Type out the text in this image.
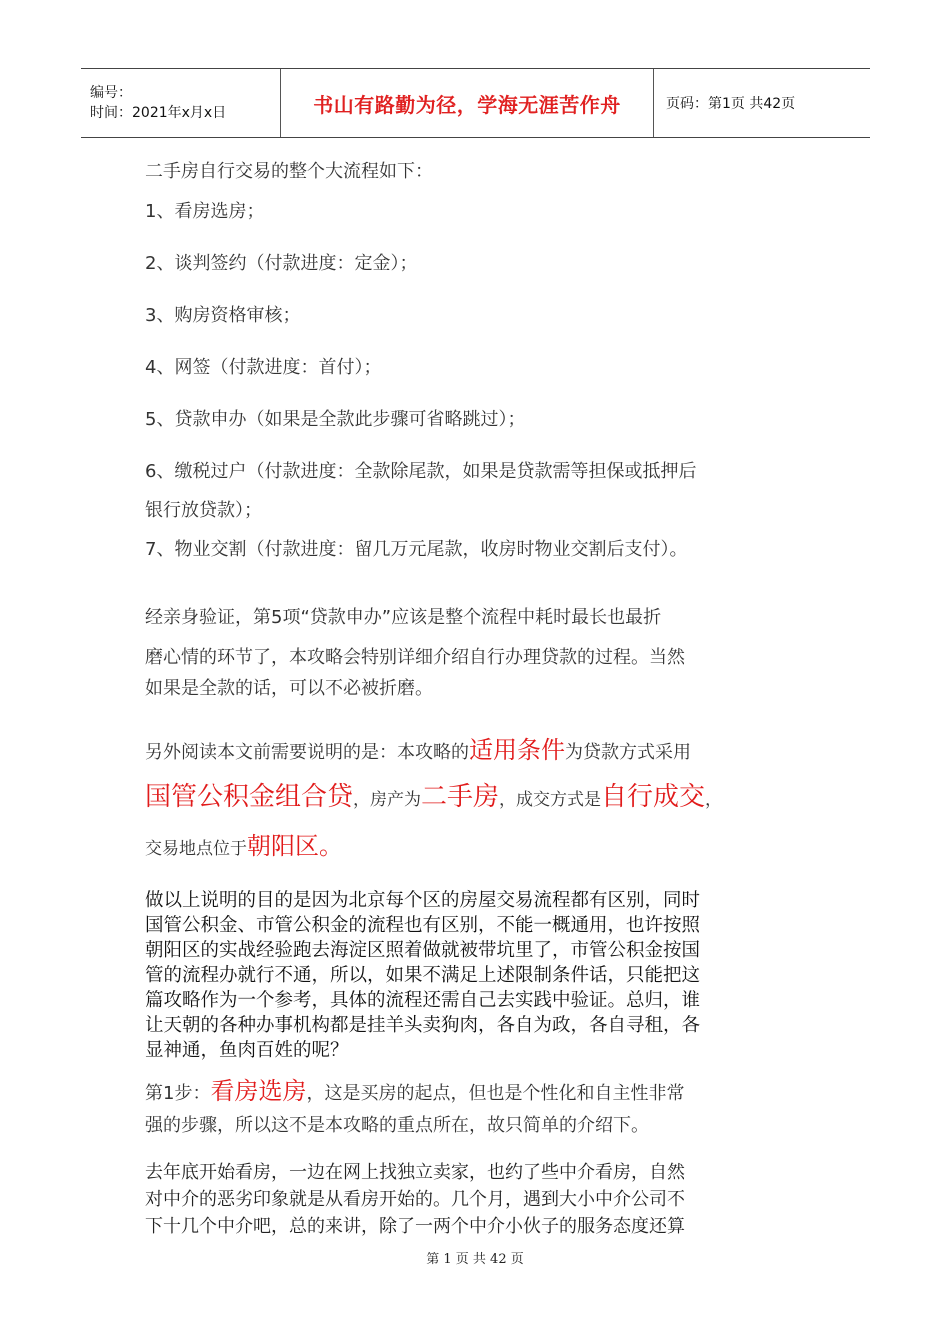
编号：
时间：2021年x月x日	书山有路勤为径，学海无涯苦作舟	页码：第1页 共42页
二手房自行交易的整个大流程如下：
1、看房选房；
2、谈判签约（付款进度：定金）；
3、购房资格审核；
4、网签（付款进度：首付）；
5、贷款申办（如果是全款此步骤可省略跳过）；
6、缴税过户（付款进度：全款除尾款，如果是贷款需等担保或抵押后
银行放贷款）；
7、物业交割（付款进度：留几万元尾款，收房时物业交割后支付）。
经亲身验证，第5项“贷款申办”应该是整个流程中耗时最长也最折
磨心情的环节了，本攻略会特别详细介绍自行办理贷款的过程。当然
如果是全款的话，可以不必被折磨。
另外阅读本文前需要说明的是：本攻略的适用条件为贷款方式采用
国管公积金组合贷，房产为二手房，成交方式是自行成交，
交易地点位于朝阳区。
做以上说明的目的是因为北京每个区的房屋交易流程都有区别，同时
国管公积金、市管公积金的流程也有区别，不能一概通用，也许按照
朝阳区的实战经验跑去海淀区照着做就被带坑里了，市管公积金按国
管的流程办就行不通，所以，如果不满足上述限制条件话，只能把这
篇攻略作为一个参考，具体的流程还需自己去实践中验证。总归，谁
让天朝的各种办事机构都是挂羊头卖狗肉，各自为政，各自寻租，各
显神通，鱼肉百姓的呢？
第1步：看房选房，这是买房的起点，但也是个性化和自主性非常
强的步骤，所以这不是本攻略的重点所在，故只简单的介绍下。
去年底开始看房，一边在网上找独立卖家，也约了些中介看房，自然
对中介的恶劣印象就是从看房开始的。几个月，遇到大小中介公司不
下十几个中介吧，总的来讲，除了一两个中介小伙子的服务态度还算
第 1 页 共 42 页
